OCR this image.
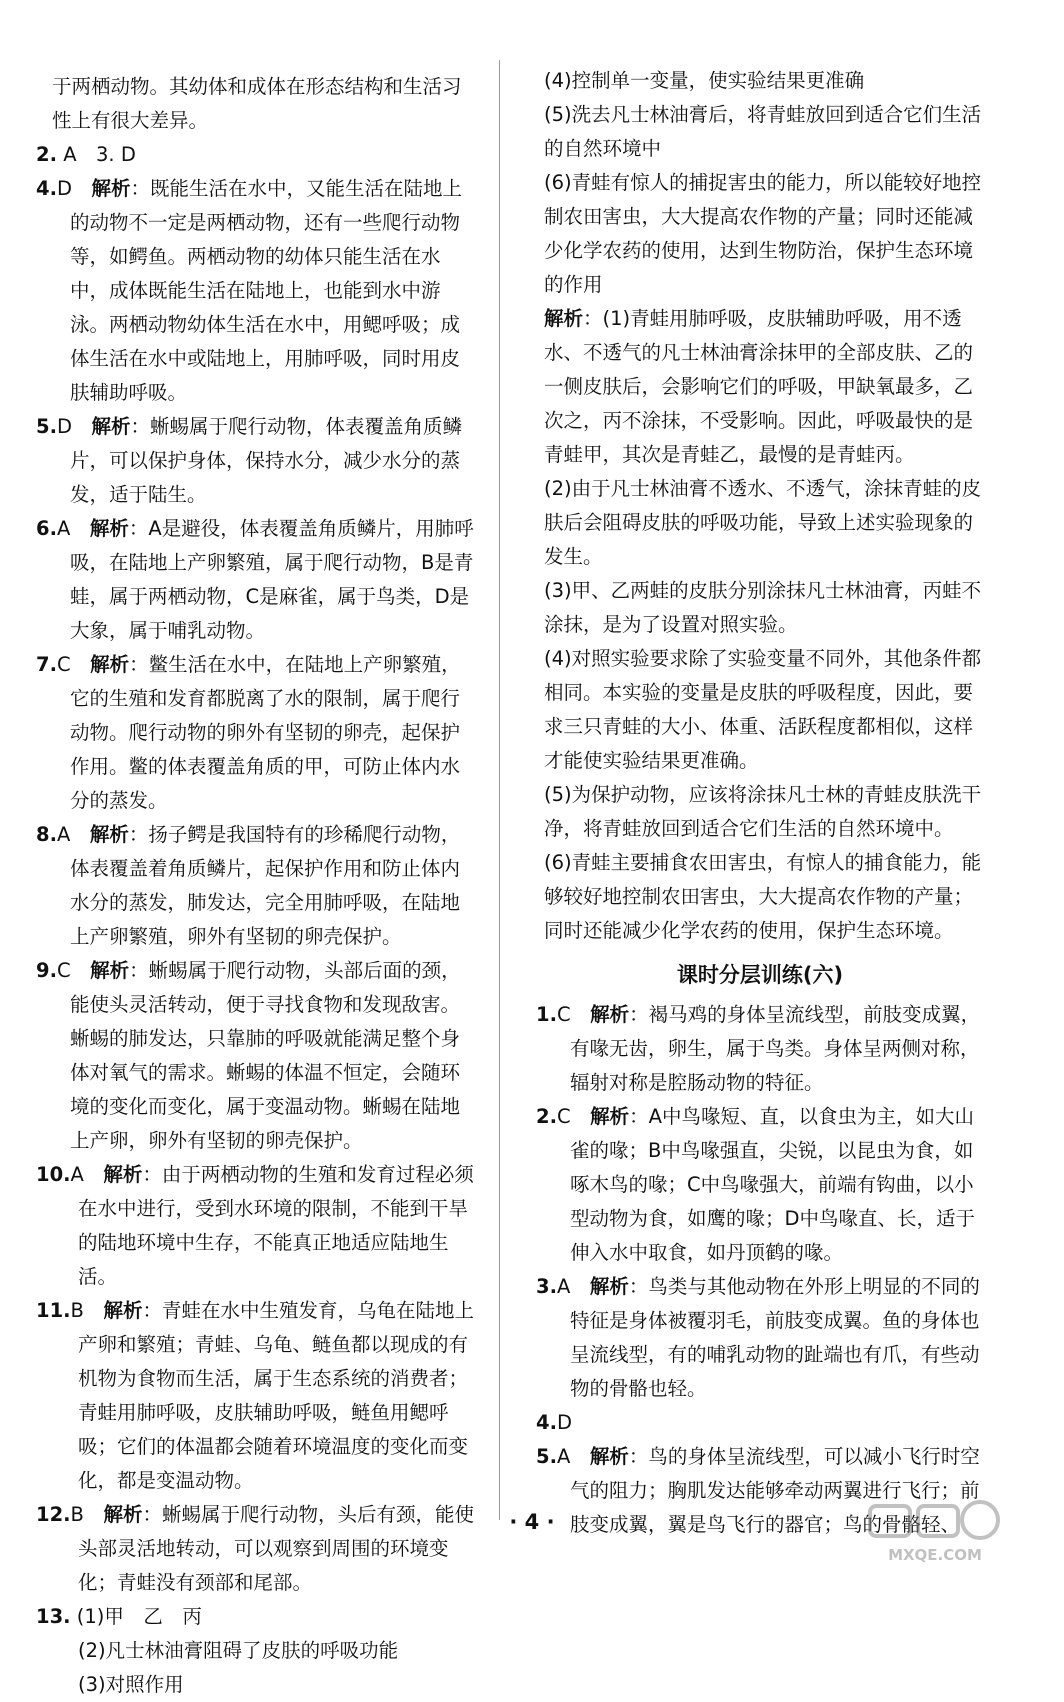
于两栖动物。其幼体和成体在形态结构和生活习性上有很大差异。

2. A　3. D

4.D　 解析：既能生活在水中，又能生活在陆地上的动物不一定是两栖动物，还有一些爬行动物等，如鳄鱼。两栖动物的幼体只能生活在水中，成体既能生活在陆地上，也能到水中游泳。两栖动物幼体生活在水中，用鳃呼吸；成体生活在水中或陆地上，用肺呼吸，同时用皮肤辅助呼吸。

5.D　 解析：蜥蜴属于爬行动物，体表覆盖角质鳞片，可以保护身体，保持水分，减少水分的蒸发，适于陆生。

6.A　 解析：A是避役，体表覆盖角质鳞片，用肺呼吸，在陆地上产卵繁殖，属于爬行动物，B是青蛙，属于两栖动物，C是麻雀，属于鸟类，D是大象，属于哺乳动物。

7.C　 解析：鳖生活在水中，在陆地上产卵繁殖，它的生殖和发育都脱离了水的限制，属于爬行动物。爬行动物的卵外有坚韧的卵壳，起保护作用。鳖的体表覆盖角质的甲，可防止体内水分的蒸发。

8.A　 解析：扬子鳄是我国特有的珍稀爬行动物，体表覆盖着角质鳞片，起保护作用和防止体内水分的蒸发，肺发达，完全用肺呼吸，在陆地上产卵繁殖，卵外有坚韧的卵壳保护。

9.C　 解析：蜥蜴属于爬行动物，头部后面的颈，能使头灵活转动，便于寻找食物和发现敌害。蜥蜴的肺发达，只靠肺的呼吸就能满足整个身体对氧气的需求。蜥蜴的体温不恒定，会随环境的变化而变化，属于变温动物。蜥蜴在陆地上产卵，卵外有坚韧的卵壳保护。

10.A　 解析：由于两栖动物的生殖和发育过程必须在水中进行，受到水环境的限制，不能到干旱的陆地环境中生存，不能真正地适应陆地生活。

11.B　 解析：青蛙在水中生殖发育，乌龟在陆地上产卵和繁殖；青蛙、乌龟、鲢鱼都以现成的有机物为食物而生活，属于生态系统的消费者；青蛙用肺呼吸，皮肤辅助呼吸，鲢鱼用鳃呼吸；它们的体温都会随着环境温度的变化而变化，都是变温动物。

12.B　 解析：蜥蜴属于爬行动物，头后有颈，能使头部灵活地转动，可以观察到周围的环境变化；青蛙没有颈部和尾部。

13. (1)甲　乙　丙

(2)凡士林油膏阻碍了皮肤的呼吸功能

(3)对照作用

(4)控制单一变量，使实验结果更准确

(5)洗去凡士林油膏后，将青蛙放回到适合它们生活的自然环境中

(6)青蛙有惊人的捕捉害虫的能力，所以能较好地控制农田害虫，大大提高农作物的产量；同时还能减少化学农药的使用，达到生物防治，保护生态环境的作用

解析：(1)青蛙用肺呼吸，皮肤辅助呼吸，用不透水、不透气的凡士林油膏涂抹甲的全部皮肤、乙的一侧皮肤后，会影响它们的呼吸，甲缺氧最多，乙次之，丙不涂抹，不受影响。因此，呼吸最快的是青蛙甲，其次是青蛙乙，最慢的是青蛙丙。

(2)由于凡士林油膏不透水、不透气，涂抹青蛙的皮肤后会阻碍皮肤的呼吸功能，导致上述实验现象的发生。

(3)甲、乙两蛙的皮肤分别涂抹凡士林油膏，丙蛙不涂抹，是为了设置对照实验。

(4)对照实验要求除了实验变量不同外，其他条件都相同。本实验的变量是皮肤的呼吸程度，因此，要求三只青蛙的大小、体重、活跃程度都相似，这样才能使实验结果更准确。

(5)为保护动物，应该将涂抹凡士林的青蛙皮肤洗干净，将青蛙放回到适合它们生活的自然环境中。

(6)青蛙主要捕食农田害虫，有惊人的捕食能力，能够较好地控制农田害虫，大大提高农作物的产量；同时还能减少化学农药的使用，保护生态环境。

课时分层训练(六)

1.C　 解析：褐马鸡的身体呈流线型，前肢变成翼，有喙无齿，卵生，属于鸟类。身体呈两侧对称，辐射对称是腔肠动物的特征。

2.C　 解析：A中鸟喙短、直，以食虫为主，如大山雀的喙；B中鸟喙强直，尖锐，以昆虫为食，如啄木鸟的喙；C中鸟喙强大，前端有钩曲，以小型动物为食，如鹰的喙；D中鸟喙直、长，适于伸入水中取食，如丹顶鹤的喙。

3.A　 解析：鸟类与其他动物在外形上明显的不同的特征是身体被覆羽毛，前肢变成翼。鱼的身体也呈流线型，有的哺乳动物的趾端也有爪，有些动物的骨骼也轻。

4.D

5.A　 解析：鸟的身体呈流线型，可以减小飞行时空气的阻力；胸肌发达能够牵动两翼进行飞行；前肢变成翼，翼是鸟飞行的器官；鸟的骨骼轻、

· 4 ·
MXQE.COM
